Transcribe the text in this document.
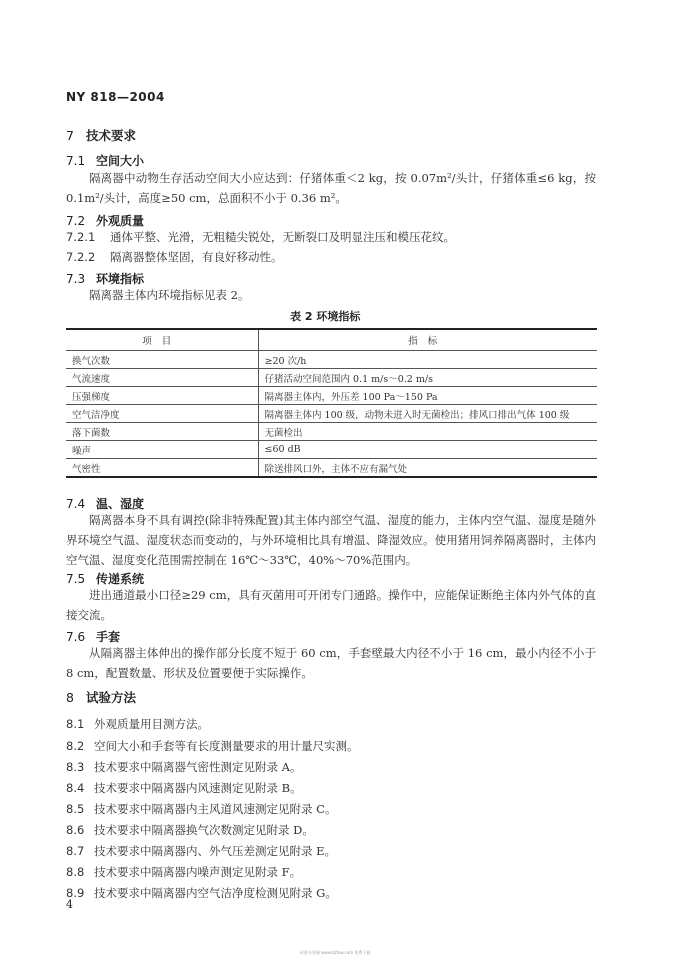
NY 818—2004
7 技术要求
7.1 空间大小
隔离器中动物生存活动空间大小应达到：仔猪体重＜2 kg，按 0.07m²/头计，仔猪体重≤6 kg，按 0.1m²/头计，高度≥50 cm，总面积不小于 0.36 m²。
7.2 外观质量
7.2.1 通体平整、光滑，无粗糙尖锐处，无断裂口及明显注压和模压花纹。
7.2.2 隔离器整体坚固，有良好移动性。
7.3 环境指标
隔离器主体内环境指标见表 2。
表 2 环境指标
项目	指标
换气次数	≥20 次/h
气流速度	仔猪活动空间范围内 0.1 m/s～0.2 m/s
压强梯度	隔离器主体内，外压差 100 Pa～150 Pa
空气洁净度	隔离器主体内 100 级，动物未进入时无菌检出；排风口排出气体 100 级
落下菌数	无菌检出
噪声	≤60 dB
气密性	除送排风口外，主体不应有漏气处
7.4 温、湿度
隔离器本身不具有调控(除非特殊配置)其主体内部空气温、湿度的能力，主体内空气温、湿度是随外界环境空气温、湿度状态而变动的，与外环境相比具有增温、降湿效应。使用猪用饲养隔离器时，主体内空气温、湿度变化范围需控制在 16℃～33℃，40%～70%范围内。
7.5 传递系统
进出通道最小口径≥29 cm，具有灭菌用可开闭专门通路。操作中，应能保证断绝主体内外气体的直接交流。
7.6 手套
从隔离器主体伸出的操作部分长度不短于 60 cm，手套壁最大内径不小于 16 cm，最小内径不小于 8 cm，配置数量、形状及位置要便于实际操作。
8 试验方法
8.1 外观质量用目测方法。
8.2 空间大小和手套等有长度测量要求的用计量尺实测。
8.3 技术要求中隔离器气密性测定见附录 A。
8.4 技术要求中隔离器内风速测定见附录 B。
8.5 技术要求中隔离器内主风道风速测定见附录 C。
8.6 技术要求中隔离器换气次数测定见附录 D。
8.7 技术要求中隔离器内、外气压差测定见附录 E。
8.8 技术要求中隔离器内噪声测定见附录 F。
8.9 技术要求中隔离器内空气洁净度检测见附录 G。
4
标准分享网 www.bzfxw.com 免费下载
